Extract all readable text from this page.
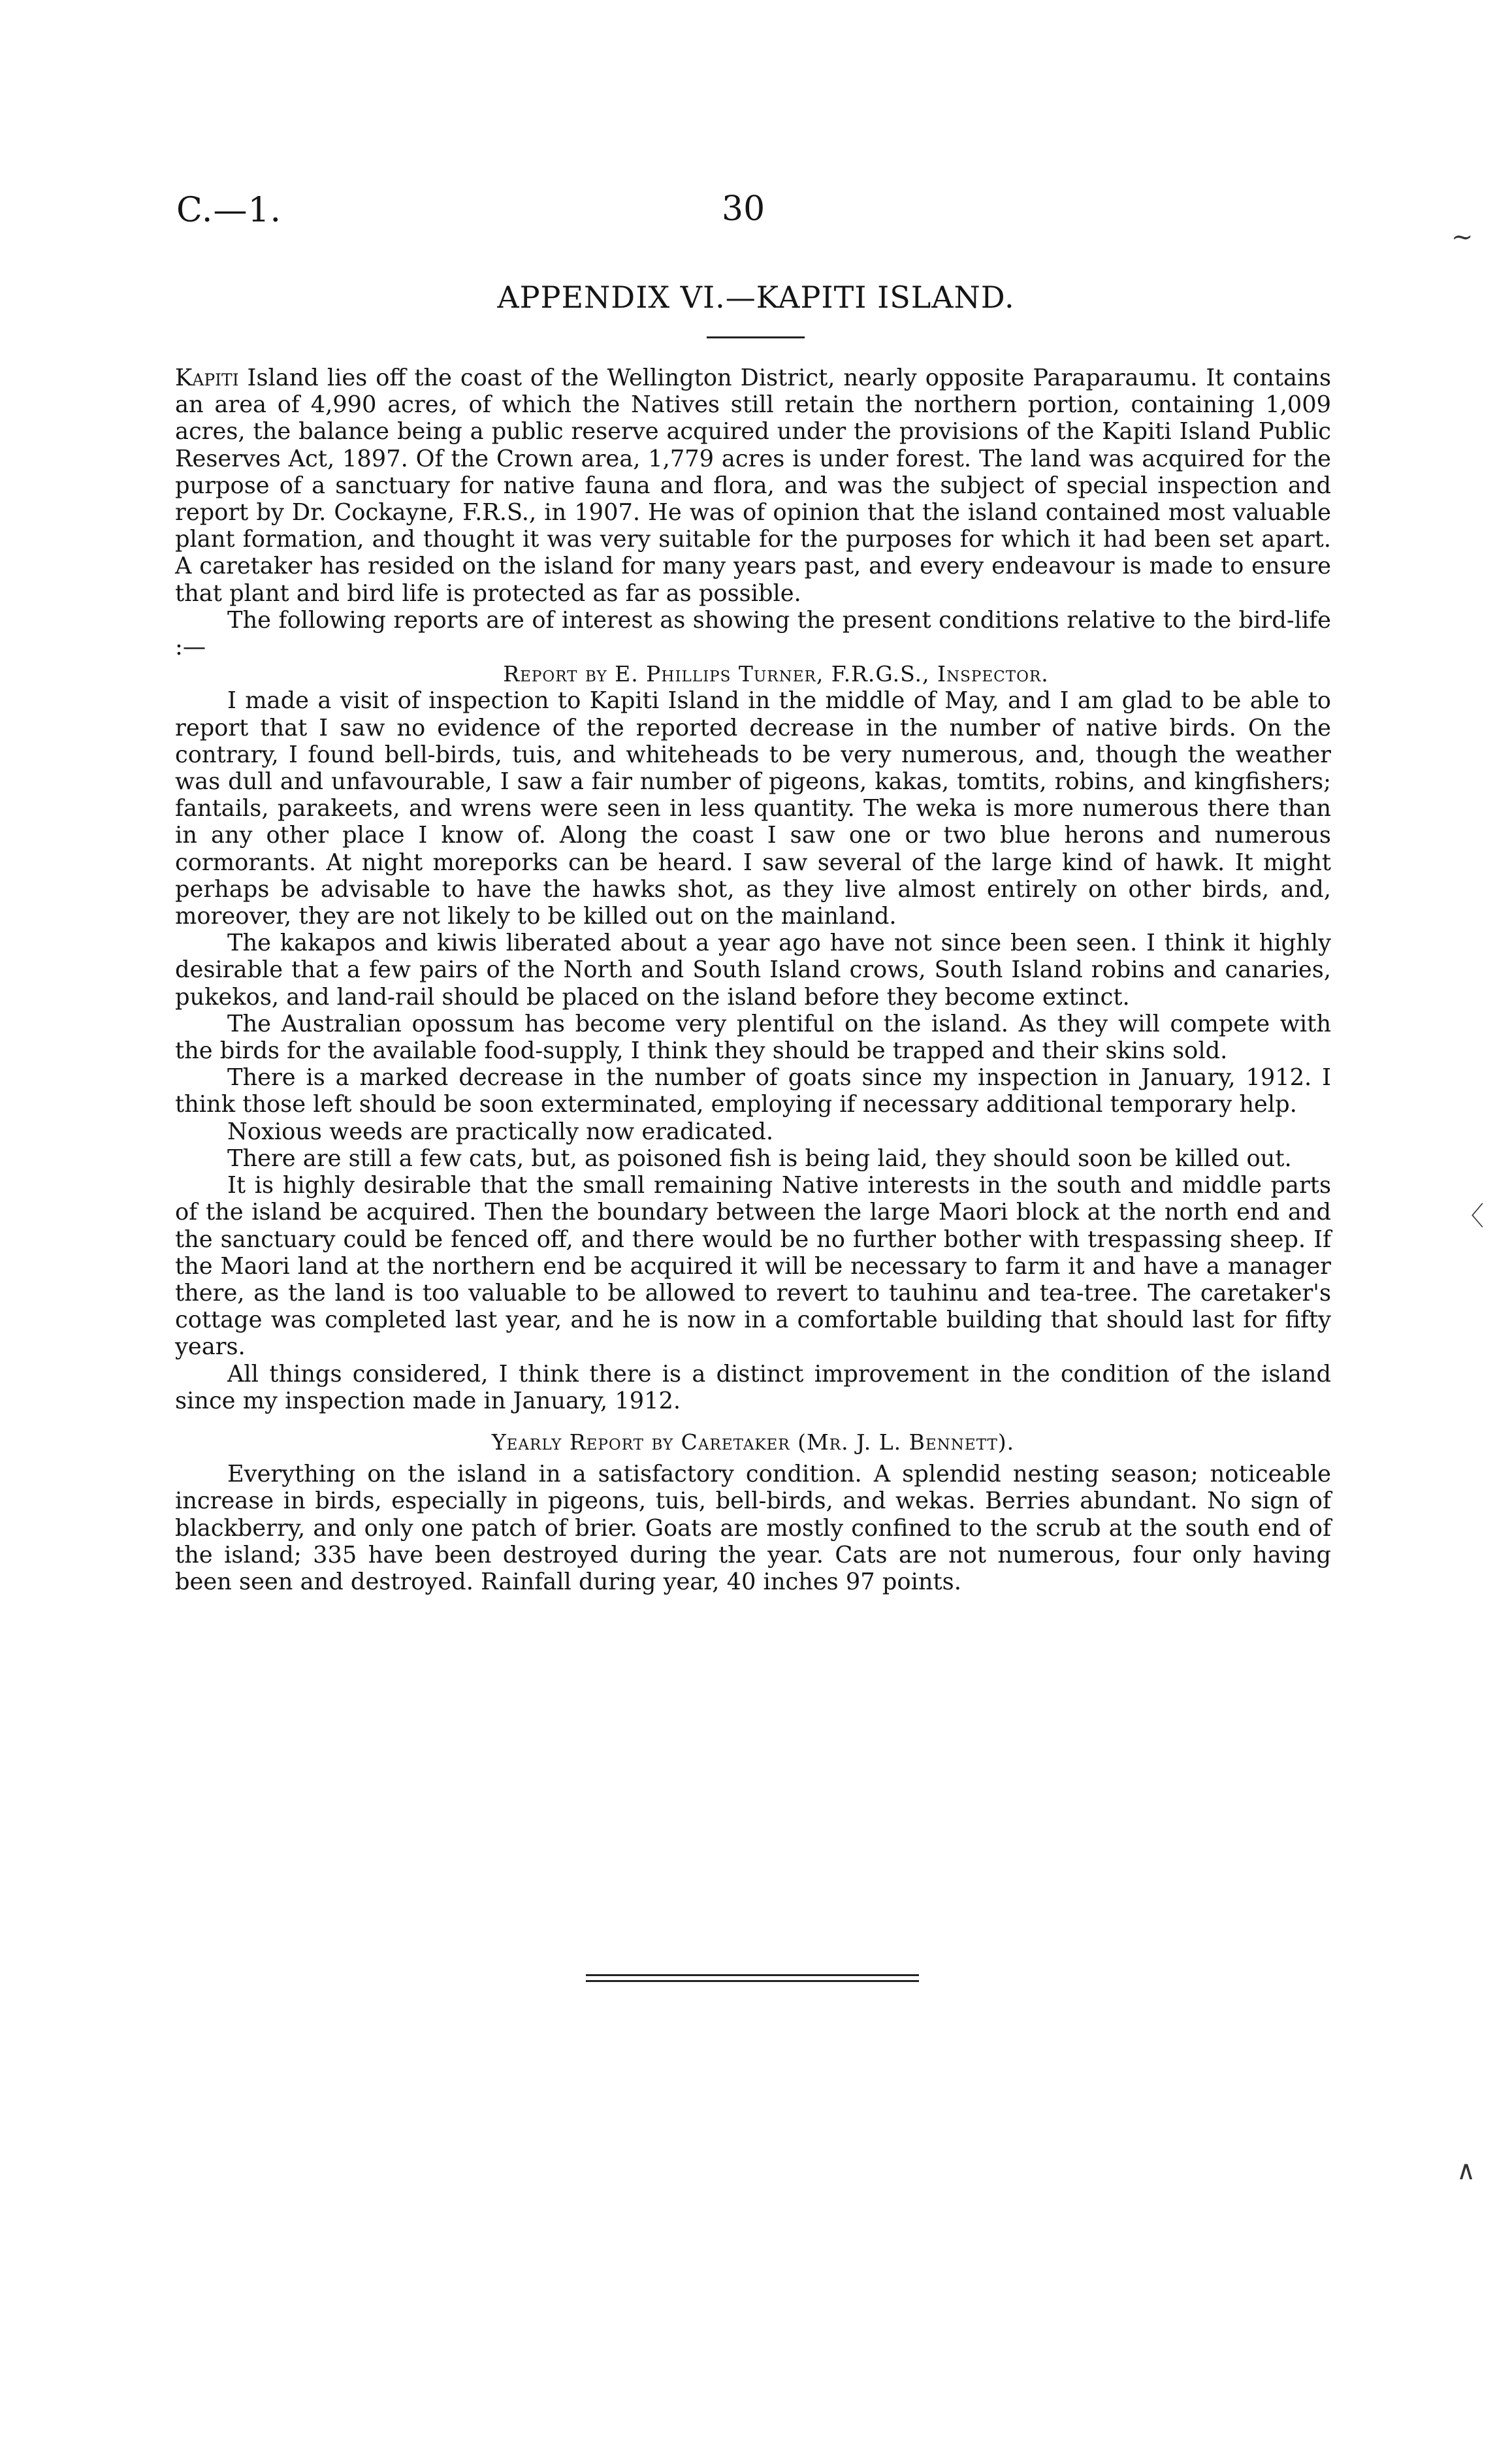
C.—1.	30
APPENDIX VI.—KAPITI ISLAND.

Kapiti Island lies off the coast of the Wellington District, nearly opposite Paraparaumu. It contains an area of 4,990 acres, of which the Natives still retain the northern portion, containing 1,009 acres, the balance being a public reserve acquired under the provisions of the Kapiti Island Public Reserves Act, 1897. Of the Crown area, 1,779 acres is under forest. The land was acquired for the purpose of a sanctuary for native fauna and flora, and was the subject of special inspection and report by Dr. Cockayne, F.R.S., in 1907. He was of opinion that the island contained most valuable plant formation, and thought it was very suitable for the purposes for which it had been set apart. A caretaker has resided on the island for many years past, and every endeavour is made to ensure that plant and bird life is protected as far as possible.

The following reports are of interest as showing the present conditions relative to the bird-life :—

Report by E. Phillips Turner, F.R.G.S., Inspector.

I made a visit of inspection to Kapiti Island in the middle of May, and I am glad to be able to report that I saw no evidence of the reported decrease in the number of native birds. On the contrary, I found bell-birds, tuis, and whiteheads to be very numerous, and, though the weather was dull and unfavourable, I saw a fair number of pigeons, kakas, tomtits, robins, and kingfishers; fantails, parakeets, and wrens were seen in less quantity. The weka is more numerous there than in any other place I know of. Along the coast I saw one or two blue herons and numerous cormorants. At night moreporks can be heard. I saw several of the large kind of hawk. It might perhaps be advisable to have the hawks shot, as they live almost entirely on other birds, and, moreover, they are not likely to be killed out on the mainland.

The kakapos and kiwis liberated about a year ago have not since been seen. I think it highly desirable that a few pairs of the North and South Island crows, South Island robins and canaries, pukekos, and land-rail should be placed on the island before they become extinct.

The Australian opossum has become very plentiful on the island. As they will compete with the birds for the available food-supply, I think they should be trapped and their skins sold.

There is a marked decrease in the number of goats since my inspection in January, 1912. I think those left should be soon exterminated, employing if necessary additional temporary help.

Noxious weeds are practically now eradicated.

There are still a few cats, but, as poisoned fish is being laid, they should soon be killed out.

It is highly desirable that the small remaining Native interests in the south and middle parts of the island be acquired. Then the boundary between the large Maori block at the north end and the sanctuary could be fenced off, and there would be no further bother with trespassing sheep. If the Maori land at the northern end be acquired it will be necessary to farm it and have a manager there, as the land is too valuable to be allowed to revert to tauhinu and tea-tree. The caretaker's cottage was completed last year, and he is now in a comfortable building that should last for fifty years.

All things considered, I think there is a distinct improvement in the condition of the island since my inspection made in January, 1912.

Yearly Report by Caretaker (Mr. J. L. Bennett).

Everything on the island in a satisfactory condition. A splendid nesting season; noticeable increase in birds, especially in pigeons, tuis, bell-birds, and wekas. Berries abundant. No sign of blackberry, and only one patch of brier. Goats are mostly confined to the scrub at the south end of the island; 335 have been destroyed during the year. Cats are not numerous, four only having been seen and destroyed. Rainfall during year, 40 inches 97 points.

~
〈
∧
